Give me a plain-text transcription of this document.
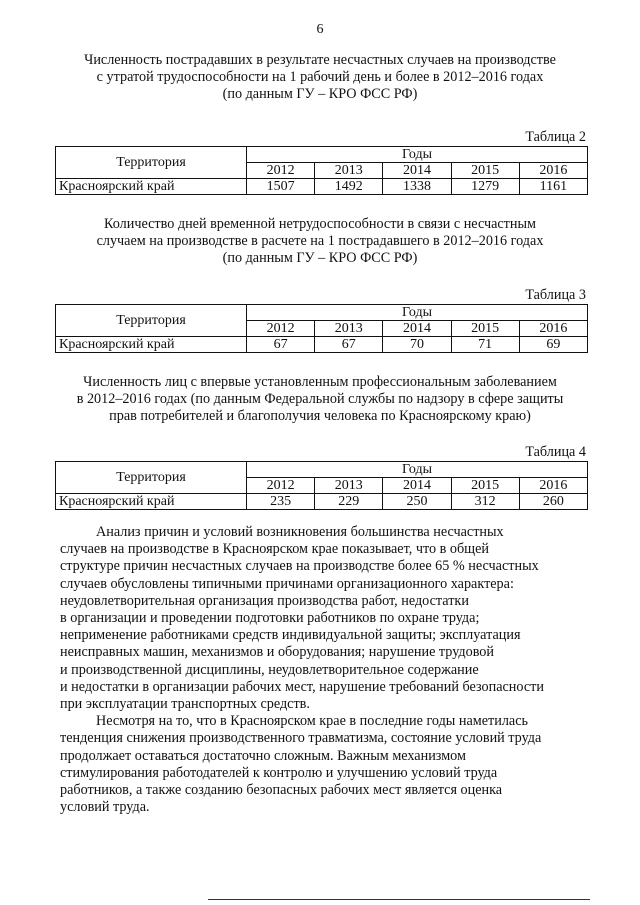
6
Численность пострадавших в результате несчастных случаев на производстве
с утратой трудоспособности на 1 рабочий день и более в 2012–2016 годах
(по данным ГУ – КРО ФСС РФ)
Таблица 2
Территория	Годы				
	2012	2013	2014	2015	2016
Красноярский край	1507	1492	1338	1279	1161
Количество дней временной нетрудоспособности в связи с несчастным
случаем на производстве в расчете на 1 пострадавшего в 2012–2016 годах
(по данным ГУ – КРО ФСС РФ)
Таблица 3
Территория	Годы				
	2012	2013	2014	2015	2016
Красноярский край	67	67	70	71	69
Численность лиц с впервые установленным профессиональным заболеванием
в 2012–2016 годах (по данным Федеральной службы по надзору в сфере защиты
прав потребителей и благополучия человека по Красноярскому краю)
Таблица 4
Территория	Годы				
	2012	2013	2014	2015	2016
Красноярский край	235	229	250	312	260

Анализ причин и условий возникновения большинства несчастных

случаев на производстве в Красноярском крае показывает, что в общей

структуре причин несчастных случаев на производстве более 65 % несчастных

случаев обусловлены типичными причинами организационного характера:

неудовлетворительная организация производства работ, недостатки

в организации и проведении подготовки работников по охране труда;

неприменение работниками средств индивидуальной защиты; эксплуатация

неисправных машин, механизмов и оборудования; нарушение трудовой

и производственной дисциплины, неудовлетворительное содержание

и недостатки в организации рабочих мест, нарушение требований безопасности

при эксплуатации транспортных средств.

Несмотря на то, что в Красноярском крае в последние годы наметилась

тенденция снижения производственного травматизма, состояние условий труда

продолжает оставаться достаточно сложным. Важным механизмом

стимулирования работодателей к контролю и улучшению условий труда

работников, а также созданию безопасных рабочих мест является оценка

условий труда.
